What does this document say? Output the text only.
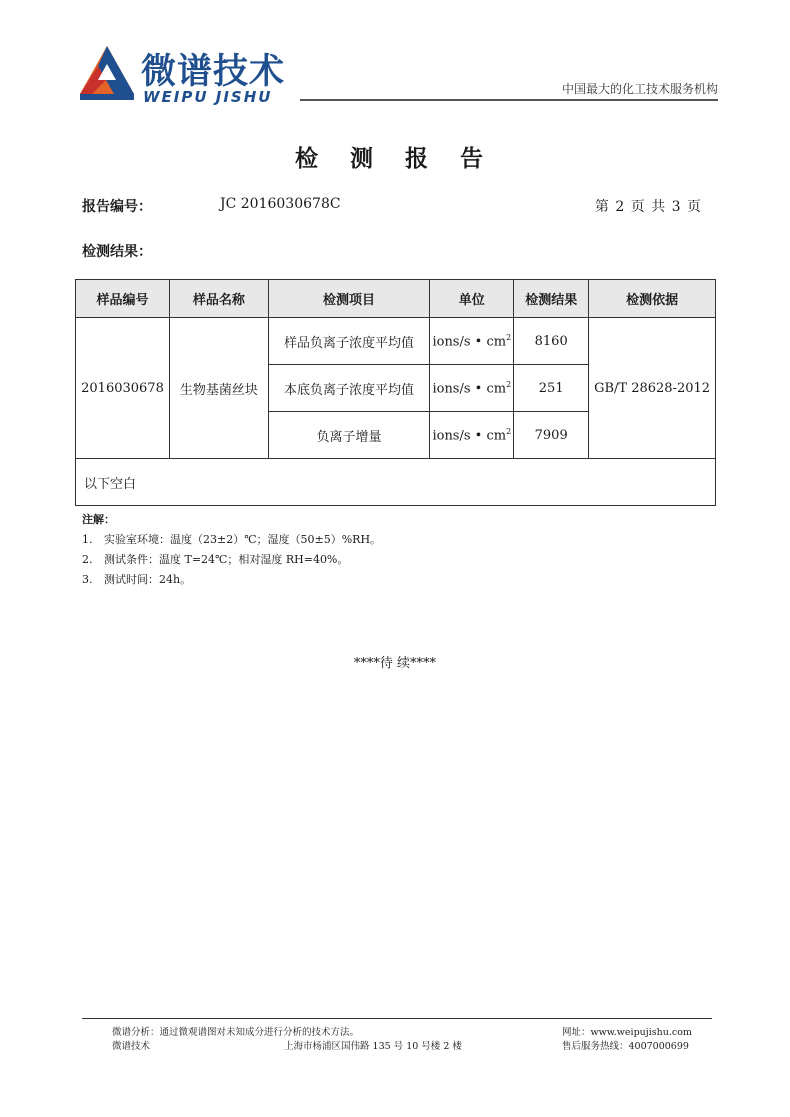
微谱技术
WEIPU JISHU	中国最大的化工技术服务机构
检 测 报 告
报告编号：	JC 2016030678C	第 2 页 共 3 页
检测结果：
样品编号	样品名称	检测项目	单位	检测结果	检测依据
2016030678	生物基菌丝块	样品负离子浓度平均值	ions/s • $cm^2$	8160	GB/T 28628-2012
		本底负离子浓度平均值	ions/s • $cm^2$	251	
		负离子增量	ions/s • $cm^2$	7909	
以下空白					
注解：
1. 实验室环境：温度（23±2）℃；湿度（50±5）%RH。
2. 测试条件：温度 T=24℃；相对湿度 RH=40%。
3. 测试时间：24h。
****待 续****
微谱分析：通过微观谱图对未知成分进行分析的技术方法。
微谱技术	上海市杨浦区国伟路 135 号 10 号楼 2 楼
网址：www.weipujishu.com
售后服务热线：4007000699
